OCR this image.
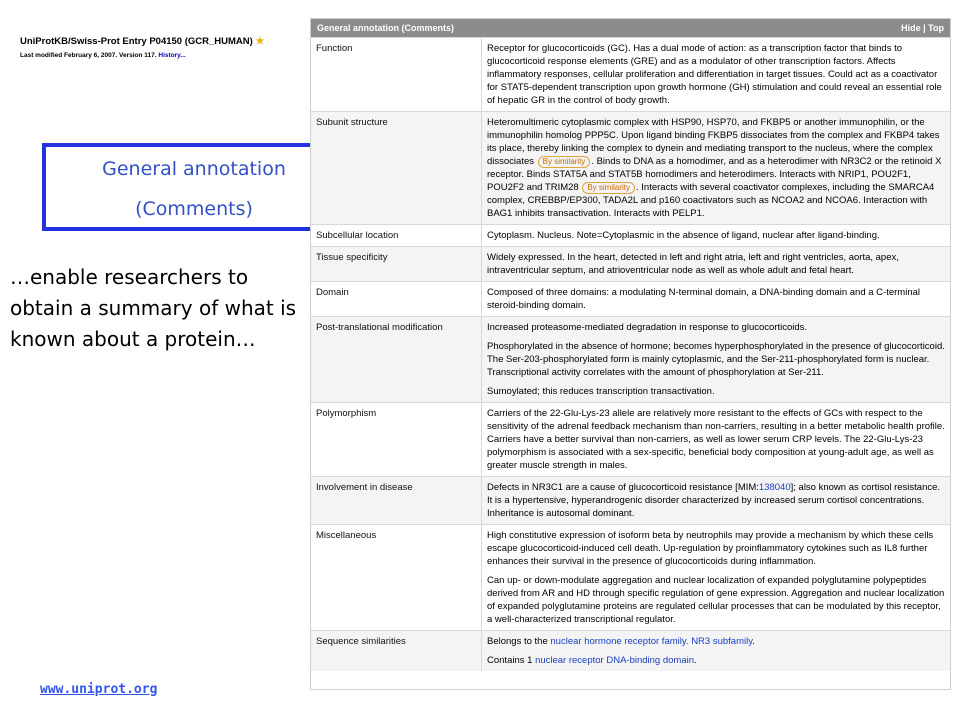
UniProtKB/Swiss-Prot Entry P04150 (GCR_HUMAN) ★
Last modified February 6, 2007. Version 117. History...
General annotation
(Comments)
…enable researchers to obtain a summary of what is known about a protein…
www.uniprot.org
General annotation (Comments)	Hide | Top
Function	Receptor for glucocorticoids (GC). Has a dual mode of action: as a transcription factor that binds to glucocorticoid response elements (GRE) and as a modulator of other transcription factors. Affects inflammatory responses, cellular proliferation and differentiation in target tissues. Could act as a coactivator for STAT5-dependent transcription upon growth hormone (GH) stimulation and could reveal an essential role of hepatic GR in the control of body growth.

Subunit structure	Heteromultimeric cytoplasmic complex with HSP90, HSP70, and FKBP5 or another immunophilin, or the immunophilin homolog PPP5C. Upon ligand binding FKBP5 dissociates from the complex and FKBP4 takes its place, thereby linking the complex to dynein and mediating transport to the nucleus, where the complex dissociates By similarity . Binds to DNA as a homodimer, and as a heterodimer with NR3C2 or the retinoid X receptor. Binds STAT5A and STAT5B homodimers and heterodimers. Interacts with NRIP1, POU2F1, POU2F2 and TRIM28 By similarity . Interacts with several coactivator complexes, including the SMARCA4 complex, CREBBP/EP300, TADA2L and p160 coactivators such as NCOA2 and NCOA6. Interaction with BAG1 inhibits transactivation. Interacts with PELP1.

Subcellular location	Cytoplasm. Nucleus. Note=Cytoplasmic in the absence of ligand, nuclear after ligand-binding.

Tissue specificity	Widely expressed. In the heart, detected in left and right atria, left and right ventricles, aorta, apex, intraventricular septum, and atrioventricular node as well as whole adult and fetal heart.

Domain	Composed of three domains: a modulating N-terminal domain, a DNA-binding domain and a C-terminal steroid-binding domain.

Post-translational modification	Increased proteasome-mediated degradation in response to glucocorticoids.

Phosphorylated in the absence of hormone; becomes hyperphosphorylated in the presence of glucocorticoid. The Ser-203-phosphorylated form is mainly cytoplasmic, and the Ser-211-phosphorylated form is nuclear. Transcriptional activity correlates with the amount of phosphorylation at Ser-211.

Sumoylated; this reduces transcription transactivation.

Polymorphism	Carriers of the 22-Glu-Lys-23 allele are relatively more resistant to the effects of GCs with respect to the sensitivity of the adrenal feedback mechanism than non-carriers, resulting in a better metabolic health profile. Carriers have a better survival than non-carriers, as well as lower serum CRP levels. The 22-Glu-Lys-23 polymorphism is associated with a sex-specific, beneficial body composition at young-adult age, as well as greater muscle strength in males.

Involvement in disease	Defects in NR3C1 are a cause of glucocorticoid resistance [MIM:138040]; also known as cortisol resistance. It is a hypertensive, hyperandrogenic disorder characterized by increased serum cortisol concentrations. Inheritance is autosomal dominant.

Miscellaneous	High constitutive expression of isoform beta by neutrophils may provide a mechanism by which these cells escape glucocorticoid-induced cell death. Up-regulation by proinflammatory cytokines such as IL8 further enhances their survival in the presence of glucocorticoids during inflammation.

Can up- or down-modulate aggregation and nuclear localization of expanded polyglutamine polypeptides derived from AR and HD through specific regulation of gene expression. Aggregation and nuclear localization of expanded polyglutamine proteins are regulated cellular processes that can be modulated by this receptor, a well-characterized transcriptional regulator.

Sequence similarities	Belongs to the nuclear hormone receptor family. NR3 subfamily.

Contains 1 nuclear receptor DNA-binding domain.
